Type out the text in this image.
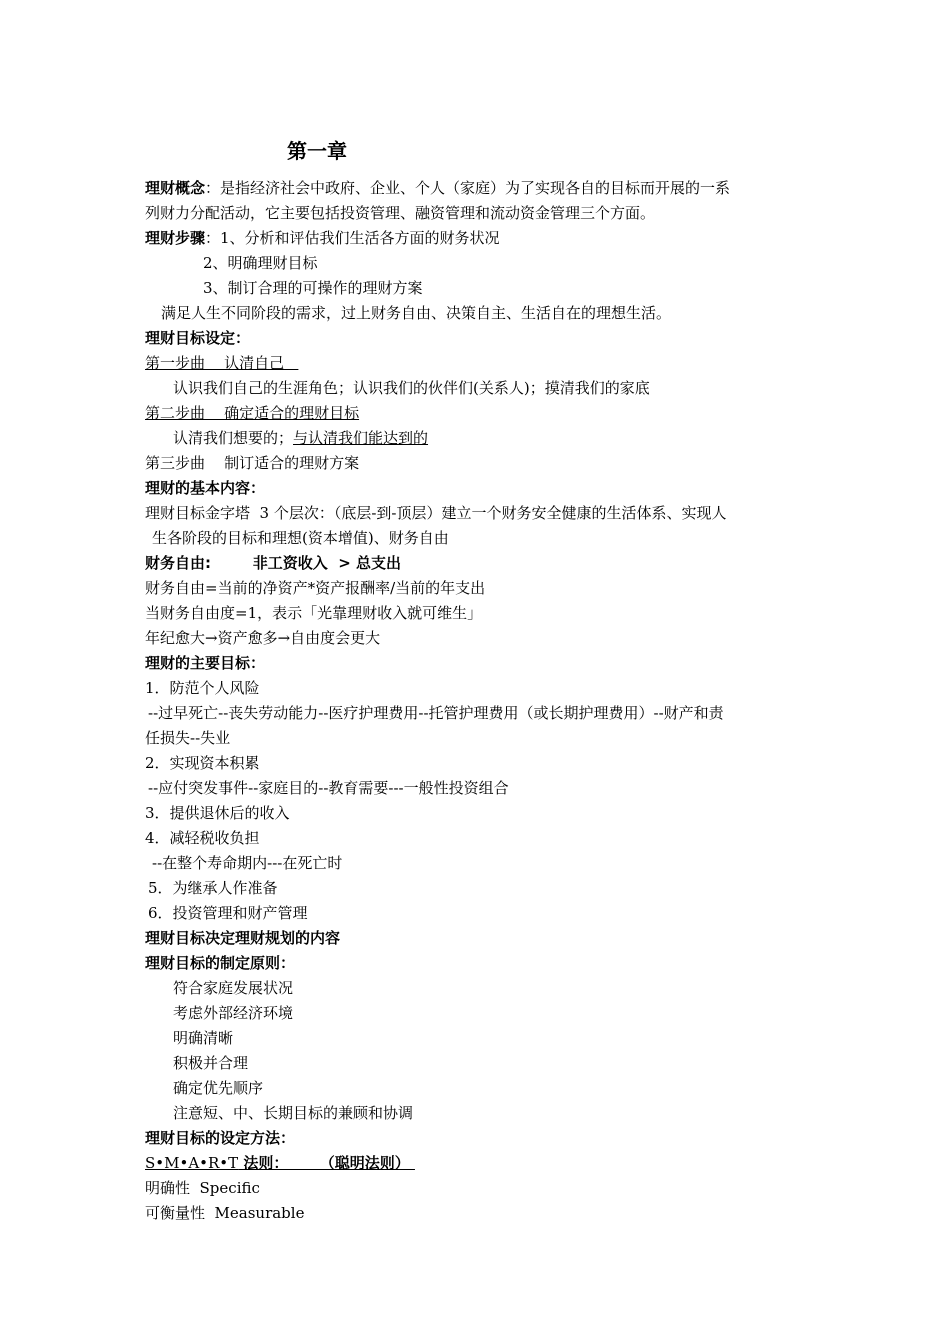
第一章
理财概念：是指经济社会中政府、企业、个人（家庭）为了实现各自的目标而开展的一系
列财力分配活动，它主要包括投资管理、融资管理和流动资金管理三个方面。
理财步骤：1、分析和评估我们生活各方面的财务状况
2、明确理财目标
3、制订合理的可操作的理财方案
满足人生不同阶段的需求，过上财务自由、决策自主、生活自在的理想生活。
理财目标设定：
第一步曲    认清自己
认识我们自己的生涯角色；认识我们的伙伴们(关系人)；摸清我们的家底
第二步曲    确定适合的理财目标
认清我们想要的；与认清我们能达到的
第三步曲    制订适合的理财方案
理财的基本内容：
理财目标金字塔  3 个层次：（底层-到-顶层）建立一个财务安全健康的生活体系、实现人
生各阶段的目标和理想(资本增值)、财务自由
财务自由:        非工资收入  > 总支出
财务自由=当前的净资产*资产报酬率/当前的年支出
当财务自由度=1，表示「光靠理财收入就可维生」
年纪愈大→资产愈多→自由度会更大
理财的主要目标：
1．防范个人风险
--过早死亡--丧失劳动能力--医疗护理费用--托管护理费用（或长期护理费用）--财产和责
任损失--失业
2．实现资本积累
--应付突发事件--家庭目的--教育需要---一般性投资组合
3．提供退休后的收入
4．减轻税收负担
--在整个寿命期内---在死亡时
5．为继承人作准备
6．投资管理和财产管理
理财目标决定理财规划的内容
理财目标的制定原则：
符合家庭发展状况
考虑外部经济环境
明确清晰
积极并合理
确定优先顺序
注意短、中、长期目标的兼顾和协调
理财目标的设定方法：
S•M•A•R•T 法则：      （聪明法则）
明确性  Specific
可衡量性  Measurable
